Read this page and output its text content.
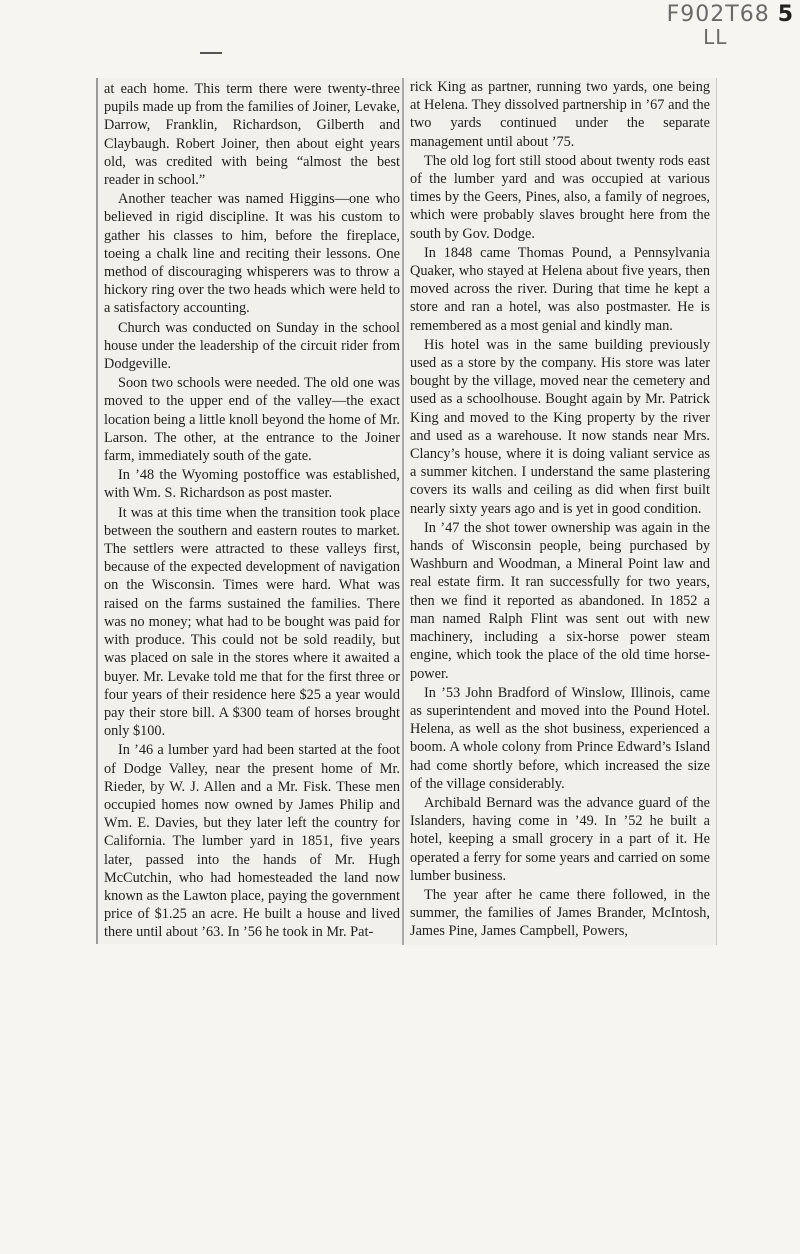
F902T68 5
LL

at each home. This term there were twenty-three pupils made up from the families of Joiner, Levake, Darrow, Franklin, Richardson, Gilberth and Claybaugh. Robert Joiner, then about eight years old, was credited with being “almost the best reader in school.”

Another teacher was named Higgins—one who believed in rigid discipline. It was his custom to gather his classes to him, before the fireplace, toeing a chalk line and reciting their lessons. One method of discouraging whisperers was to throw a hickory ring over the two heads which were held to a satisfactory accounting.

Church was conducted on Sunday in the school house under the leadership of the circuit rider from Dodgeville.

Soon two schools were needed. The old one was moved to the upper end of the valley—the exact location being a little knoll beyond the home of Mr. Larson. The other, at the entrance to the Joiner farm, immediately south of the gate.

In ’48 the Wyoming postoffice was established, with Wm. S. Richardson as post master.

It was at this time when the transition took place between the southern and eastern routes to market. The settlers were attracted to these valleys first, because of the expected development of navigation on the Wisconsin. Times were hard. What was raised on the farms sustained the families. There was no money; what had to be bought was paid for with produce. This could not be sold readily, but was placed on sale in the stores where it awaited a buyer. Mr. Levake told me that for the first three or four years of their residence here $25 a year would pay their store bill. A $300 team of horses brought only $100.

In ’46 a lumber yard had been started at the foot of Dodge Valley, near the present home of Mr. Rieder, by W. J. Allen and a Mr. Fisk. These men occupied homes now owned by James Philip and Wm. E. Davies, but they later left the country for California. The lumber yard in 1851, five years later, passed into the hands of Mr. Hugh McCutchin, who had homesteaded the land now known as the Lawton place, paying the government price of $1.25 an acre. He built a house and lived there until about ’63. In ’56 he took in Mr. Pat-

rick King as partner, running two yards, one being at Helena. They dissolved partnership in ’67 and the two yards continued under the separate management until about ’75.

The old log fort still stood about twenty rods east of the lumber yard and was occupied at various times by the Geers, Pines, also, a family of negroes, which were probably slaves brought here from the south by Gov. Dodge.

In 1848 came Thomas Pound, a Pennsylvania Quaker, who stayed at Helena about five years, then moved across the river. During that time he kept a store and ran a hotel, was also postmaster. He is remembered as a most genial and kindly man.

His hotel was in the same building previously used as a store by the company. His store was later bought by the village, moved near the cemetery and used as a schoolhouse. Bought again by Mr. Patrick King and moved to the King property by the river and used as a warehouse. It now stands near Mrs. Clancy’s house, where it is doing valiant service as a summer kitchen. I understand the same plastering covers its walls and ceiling as did when first built nearly sixty years ago and is yet in good condition.

In ’47 the shot tower ownership was again in the hands of Wisconsin people, being purchased by Washburn and Woodman, a Mineral Point law and real estate firm. It ran successfully for two years, then we find it reported as abandoned. In 1852 a man named Ralph Flint was sent out with new machinery, including a six-horse power steam engine, which took the place of the old time horse-power.

In ’53 John Bradford of Winslow, Illinois, came as superintendent and moved into the Pound Hotel. Helena, as well as the shot business, experienced a boom. A whole colony from Prince Edward’s Island had come shortly before, which increased the size of the village considerably.

Archibald Bernard was the advance guard of the Islanders, having come in ’49. In ’52 he built a hotel, keeping a small grocery in a part of it. He operated a ferry for some years and carried on some lumber business.

The year after he came there followed, in the summer, the families of James Brander, McIntosh, James Pine, James Campbell, Powers,
